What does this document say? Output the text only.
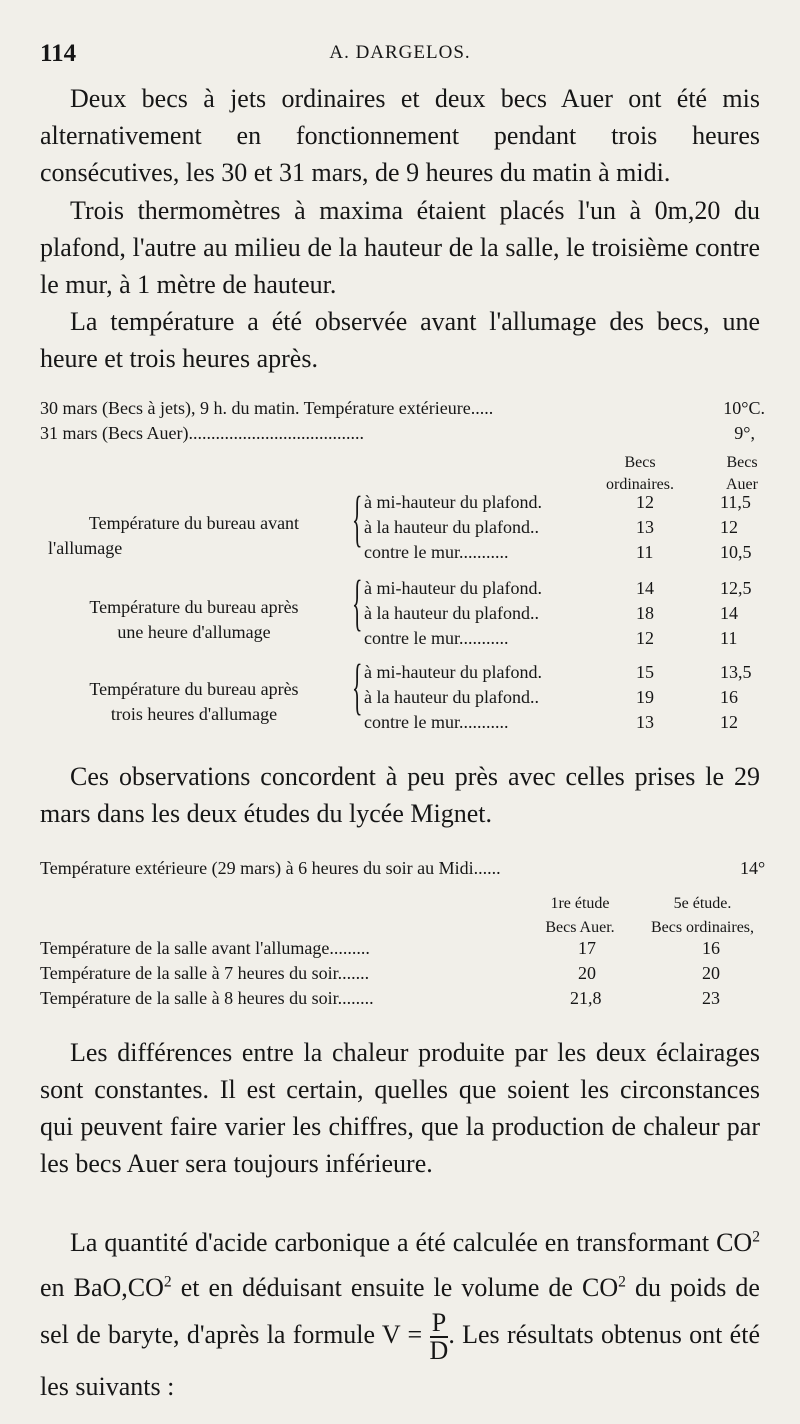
114	A. DARGELOS.

Deux becs à jets ordinaires et deux becs Auer ont été mis alternativement en fonctionnement pendant trois heures consécutives, les 30 et 31 mars, de 9 heures du matin à midi.

Trois thermomètres à maxima étaient placés l'un à 0m,20 du plafond, l'autre au milieu de la hauteur de la salle, le troisième contre le mur, à 1 mètre de hauteur.

La température a été observée avant l'allumage des becs, une heure et trois heures après.

30 mars (Becs à jets), 9 h. du matin. Température extérieure.....	10°C.
31 mars (Becs Auer).......................................	9°,
Becs
ordinaires.
Becs
Auer
Température du bureau avant
l'allumage	{ à mi-hauteur du plafond.	12	11,5
à la hauteur du plafond..	13	12
contre le mur...........	11	10,5
Température du bureau après
une heure d'allumage	{ à mi-hauteur du plafond.	14	12,5
à la hauteur du plafond..	18	14
contre le mur...........	12	11
Température du bureau après
trois heures d'allumage	{ à mi-hauteur du plafond.	15	13,5
à la hauteur du plafond..	19	16
contre le mur...........	13	12

Ces observations concordent à peu près avec celles prises le 29 mars dans les deux études du lycée Mignet.

Température extérieure (29 mars) à 6 heures du soir au Midi......	14°
1re étude
Becs Auer.
5e étude.
Becs ordinaires,
Température de la salle avant l'allumage.........	17	16
Température de la salle à 7 heures du soir.......	20	20
Température de la salle à 8 heures du soir........	21,8	23

Les différences entre la chaleur produite par les deux éclairages sont constantes. Il est certain, quelles que soient les circonstances qui peuvent faire varier les chiffres, que la production de chaleur par les becs Auer sera toujours inférieure.

La quantité d'acide carbonique a été calculée en transformant $CO^2$ en $BaO,CO^2$ et en déduisant ensuite le volume de $CO^2$ du poids de sel de baryte, d'après la formule $V = \frac{P}{D}$ . Les résultats obtenus ont été les suivants :
